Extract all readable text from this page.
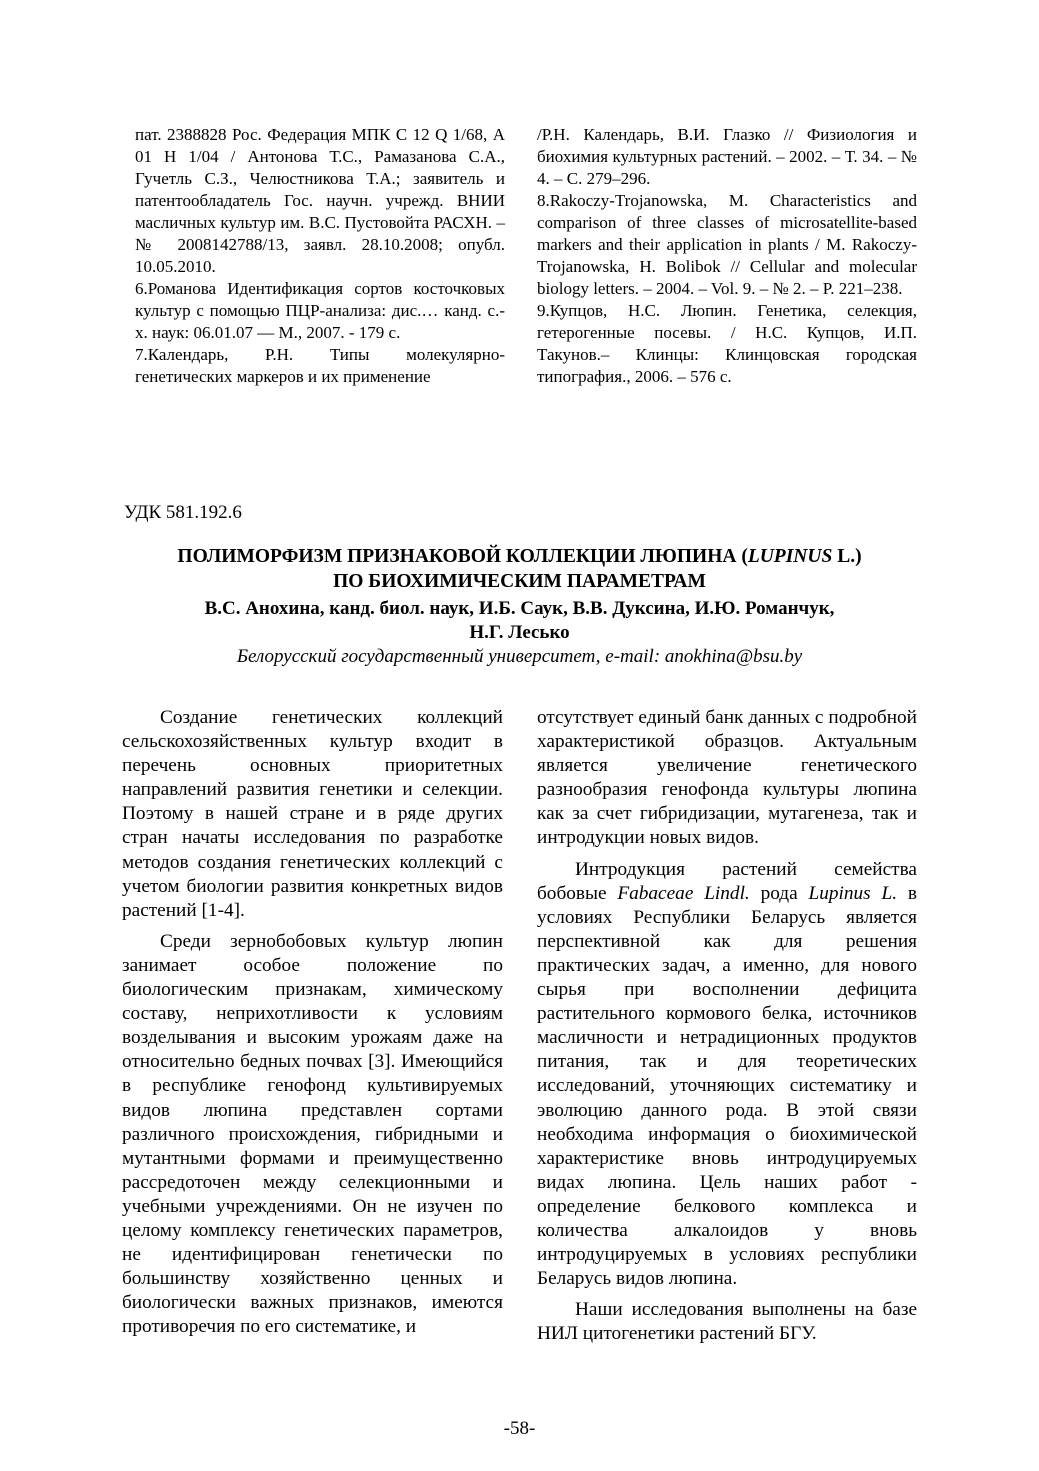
пат. 2388828 Рос. Федерация МПК С 12 Q 1/68, А 01 Н 1/04 / Антонова Т.С., Рамазанова С.А., Гучетль С.З., Челюстникова Т.А.; заявитель и патентообладатель Гос. научн. учрежд. ВНИИ масличных культур им. В.С. Пустовойта РАСХН. – № 2008142788/13, заявл. 28.10.2008; опубл. 10.05.2010.

6.Романова Идентификация сортов косточковых культур с помощью ПЦР-анализа: дис.… канд. с.-х. наук: 06.01.07 — М., 2007. - 179 с.

7.Календарь, Р.Н. Типы молекулярно-генетических маркеров и их применение

/Р.Н. Календарь, В.И. Глазко // Физиология и биохимия культурных растений. – 2002. – Т. 34. – № 4. – С. 279–296.

8.Rakoczy-Trojanowska, M. Characteristics and comparison of three classes of microsatellite-based markers and their application in plants / M. Rakoczy-Trojanowska, H. Bolibok // Cellular and molecular biology letters. – 2004. – Vol. 9. – № 2. – P. 221–238.

9.Купцов, Н.С. Люпин. Генетика, селекция, гетерогенные посевы. / Н.С. Купцов, И.П. Такунов.– Клинцы: Клинцовская городская типография., 2006. – 576 с.

УДК 581.192.6
ПОЛИМОРФИЗМ ПРИЗНАКОВОЙ КОЛЛЕКЦИИ ЛЮПИНА (LUPINUS L.)
ПО БИОХИМИЧЕСКИМ ПАРАМЕТРАМ
В.С. Анохина, канд. биол. наук, И.Б. Саук, В.В. Дуксина, И.Ю. Романчук,
Н.Г. Лесько
Белорусский государственный университет, e-mail: anokhina@bsu.by

Создание генетических коллекций сельскохозяйственных культур входит в перечень основных приоритетных направлений развития генетики и селекции. Поэтому в нашей стране и в ряде других стран начаты исследования по разработке методов создания генетических коллекций с учетом биологии развития конкретных видов растений [1-4].

Среди зернобобовых культур люпин занимает особое положение по биологическим признакам, химическому составу, неприхотливости к условиям возделывания и высоким урожаям даже на относительно бедных почвах [3]. Имеющийся в республике генофонд культивируемых видов люпина представлен сортами различного происхождения, гибридными и мутантными формами и преимущественно рассредоточен между селекционными и учебными учреждениями. Он не изучен по целому комплексу генетических параметров, не идентифицирован генетически по большинству хозяйственно ценных и биологически важных признаков, имеются противоречия по его систематике, и

отсутствует единый банк данных с подробной характеристикой образцов. Актуальным является увеличение генетического разнообразия генофонда культуры люпина как за счет гибридизации, мутагенеза, так и интродукции новых видов.

Интродукция растений семейства бобовые Fabaceae Lindl. рода Lupinus L. в условиях Республики Беларусь является перспективной как для решения практических задач, а именно, для нового сырья при восполнении дефицита растительного кормового белка, источников масличности и нетрадиционных продуктов питания, так и для теоретических исследований, уточняющих систематику и эволюцию данного рода. В этой связи необходима информация о биохимической характеристике вновь интродуцируемых видах люпина. Цель наших работ - определение белкового комплекса и количества алкалоидов у вновь интродуцируемых в условиях республики Беларусь видов люпина.

Наши исследования выполнены на базе НИЛ цитогенетики растений БГУ.

-58-
